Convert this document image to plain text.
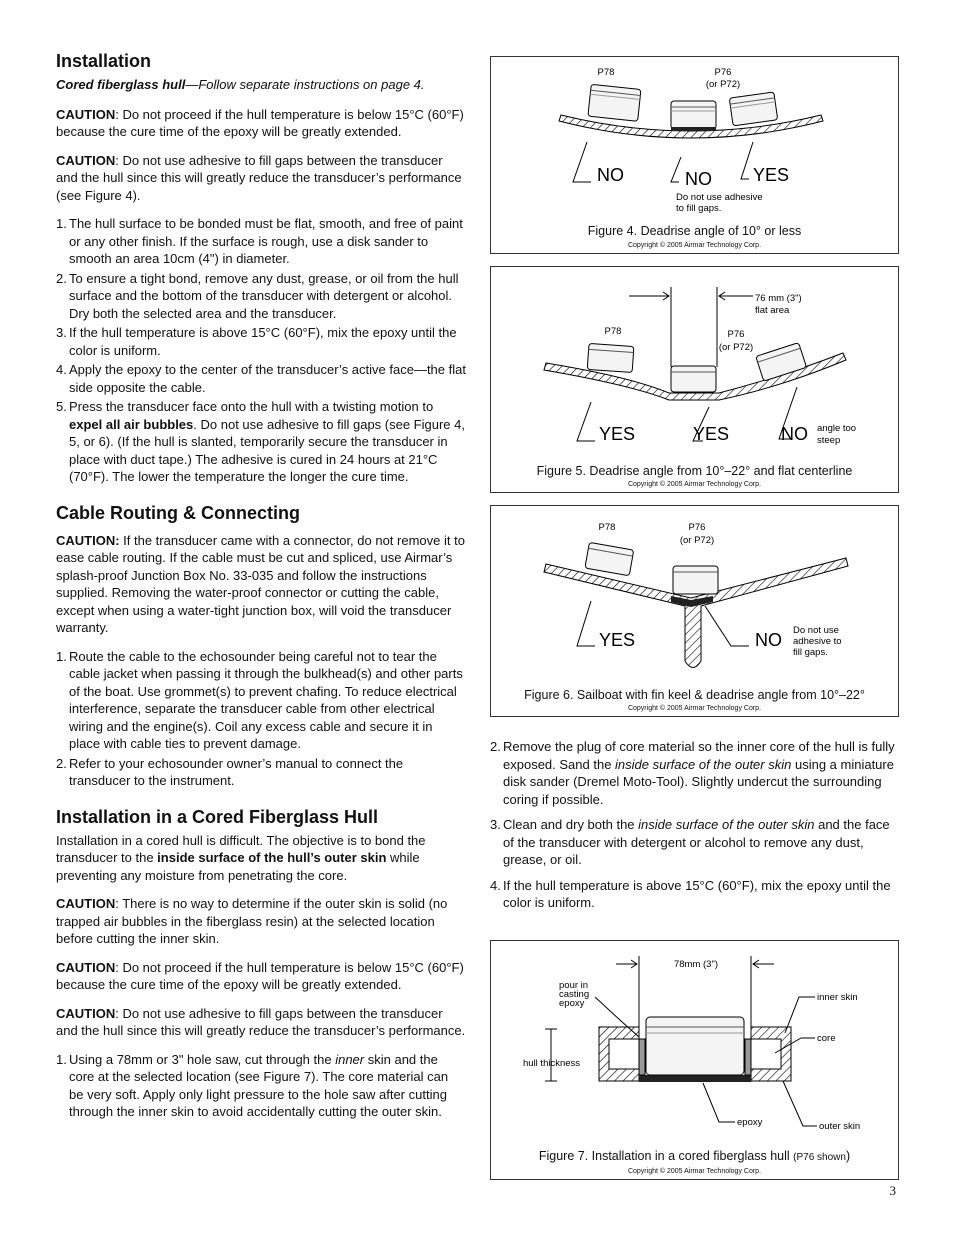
Installation

Cored fiberglass hull—Follow separate instructions on page 4.

CAUTION: Do not proceed if the hull temperature is below 15°C (60°F) because the cure time of the epoxy will be greatly extended.

CAUTION: Do not use adhesive to fill gaps between the transducer and the hull since this will greatly reduce the transducer’s performance (see Figure 4).

1. The hull surface to be bonded must be flat, smooth, and free of paint or any other finish. If the surface is rough, use a disk sander to smooth an area 10cm (4") in diameter.
2. To ensure a tight bond, remove any dust, grease, or oil from the hull surface and the bottom of the transducer with detergent or alcohol. Dry both the selected area and the transducer.
3. If the hull temperature is above 15°C (60°F), mix the epoxy until the color is uniform.
4. Apply the epoxy to the center of the transducer’s active face—the flat side opposite the cable.
5. Press the transducer face onto the hull with a twisting motion to expel all air bubbles. Do not use adhesive to fill gaps (see Figure 4, 5, or 6). (If the hull is slanted, temporarily secure the transducer in place with duct tape.) The adhesive is cured in 24 hours at 21°C (70°F). The lower the temperature the longer the cure time.
Cable Routing & Connecting

CAUTION: If the transducer came with a connector, do not remove it to ease cable routing. If the cable must be cut and spliced, use Airmar’s splash-proof Junction Box No. 33-035 and follow the instructions supplied. Removing the water-proof connector or cutting the cable, except when using a water-tight junction box, will void the transducer warranty.

1. Route the cable to the echosounder being careful not to tear the cable jacket when passing it through the bulkhead(s) and other parts of the boat. Use grommet(s) to prevent chafing. To reduce electrical interference, separate the transducer cable from other electrical wiring and the engine(s). Coil any excess cable and secure it in place with cable ties to prevent damage.
2. Refer to your echosounder owner’s manual to connect the transducer to the instrument.
Installation in a Cored Fiberglass Hull

Installation in a cored hull is difficult. The objective is to bond the transducer to the inside surface of the hull’s outer skin while preventing any moisture from penetrating the core.

CAUTION: There is no way to determine if the outer skin is solid (no trapped air bubbles in the fiberglass resin) at the selected location before cutting the inner skin.

CAUTION: Do not proceed if the hull temperature is below 15°C (60°F) because the cure time of the epoxy will be greatly extended.

CAUTION: Do not use adhesive to fill gaps between the transducer and the hull since this will greatly reduce the transducer’s performance.

1. Using a 78mm or 3" hole saw, cut through the inner skin and the core at the selected location (see Figure 7). The core material can be very soft. Apply only light pressure to the hole saw after cutting through the inner skin to avoid accidentally cutting the outer skin.
P78	P76
(or P72)
NO	NO YES
Do not use adhesive
to fill gaps.
Figure 4. Deadrise angle of 10° or less
Copyright © 2005 Airmar Technology Corp.
76 mm (3")
flat area
P78	P76
(or P72)
YES	YES	NO angle too
steep
Figure 5. Deadrise angle from 10°–22° and flat centerline
Copyright © 2005 Airmar Technology Corp.
P78	P76
(or P72)
YES	NO Do not use
adhesive to
fill gaps.
Figure 6. Sailboat with fin keel & deadrise angle from 10°–22°
Copyright © 2005 Airmar Technology Corp.
2. Remove the plug of core material so the inner core of the hull is fully exposed. Sand the inside surface of the outer skin using a miniature disk sander (Dremel Moto-Tool). Slightly undercut the surrounding coring if possible.
3. Clean and dry both the inside surface of the outer skin and the face of the transducer with detergent or alcohol to remove any dust, grease, or oil.
4. If the hull temperature is above 15°C (60°F), mix the epoxy until the color is uniform.
78mm (3")
hull thickness
pour in
casting
epoxy
inner skin
core
epoxy	outer skin
Figure 7. Installation in a cored fiberglass hull (P76 shown)
Copyright © 2005 Airmar Technology Corp.
3
